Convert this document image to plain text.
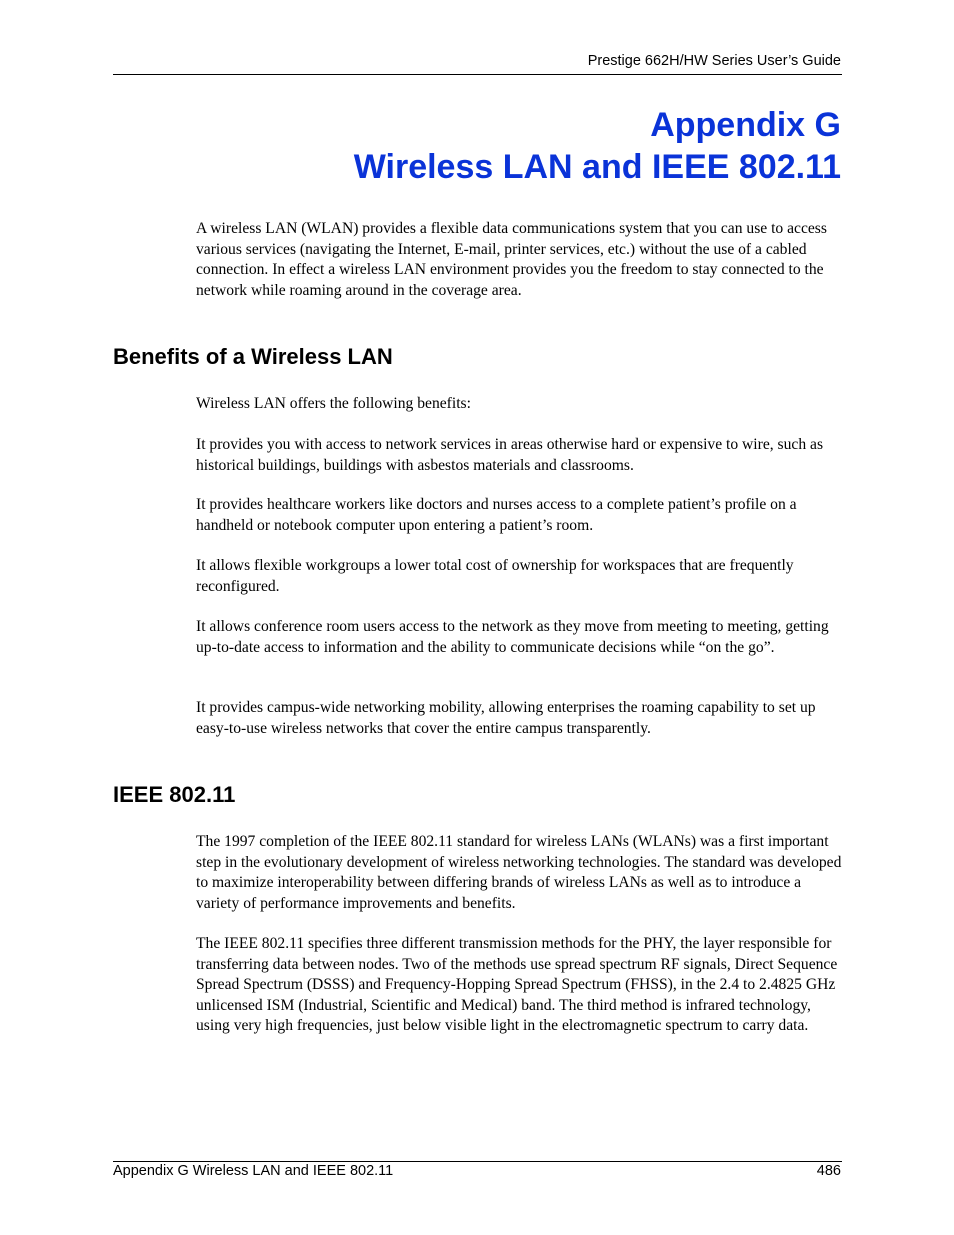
Prestige 662H/HW Series User’s Guide
Appendix G
Wireless LAN and IEEE 802.11

A wireless LAN (WLAN) provides a flexible data communications system that you can use to access various services (navigating the Internet, E-mail, printer services, etc.) without the use of a cabled connection. In effect a wireless LAN environment provides you the freedom to stay connected to the network while roaming around in the coverage area.

Benefits of a Wireless LAN

Wireless LAN offers the following benefits:

It provides you with access to network services in areas otherwise hard or expensive to wire, such as historical buildings, buildings with asbestos materials and classrooms.

It provides healthcare workers like doctors and nurses access to a complete patient’s profile on a handheld or notebook computer upon entering a patient’s room.

It allows flexible workgroups a lower total cost of ownership for workspaces that are frequently reconfigured.

It allows conference room users access to the network as they move from meeting to meeting, getting up-to-date access to information and the ability to communicate decisions while “on the go”.

It provides campus-wide networking mobility, allowing enterprises the roaming capability to set up easy-to-use wireless networks that cover the entire campus transparently.

IEEE 802.11

The 1997 completion of the IEEE 802.11 standard for wireless LANs (WLANs) was a first important step in the evolutionary development of wireless networking technologies. The standard was developed to maximize interoperability between differing brands of wireless LANs as well as to introduce a variety of performance improvements and benefits.

The IEEE 802.11 specifies three different transmission methods for the PHY, the layer responsible for transferring data between nodes. Two of the methods use spread spectrum RF signals, Direct Sequence Spread Spectrum (DSSS) and Frequency-Hopping Spread Spectrum (FHSS), in the 2.4 to 2.4825 GHz unlicensed ISM (Industrial, Scientific and Medical) band. The third method is infrared technology, using very high frequencies, just below visible light in the electromagnetic spectrum to carry data.

Appendix G Wireless LAN and IEEE 802.11	486
